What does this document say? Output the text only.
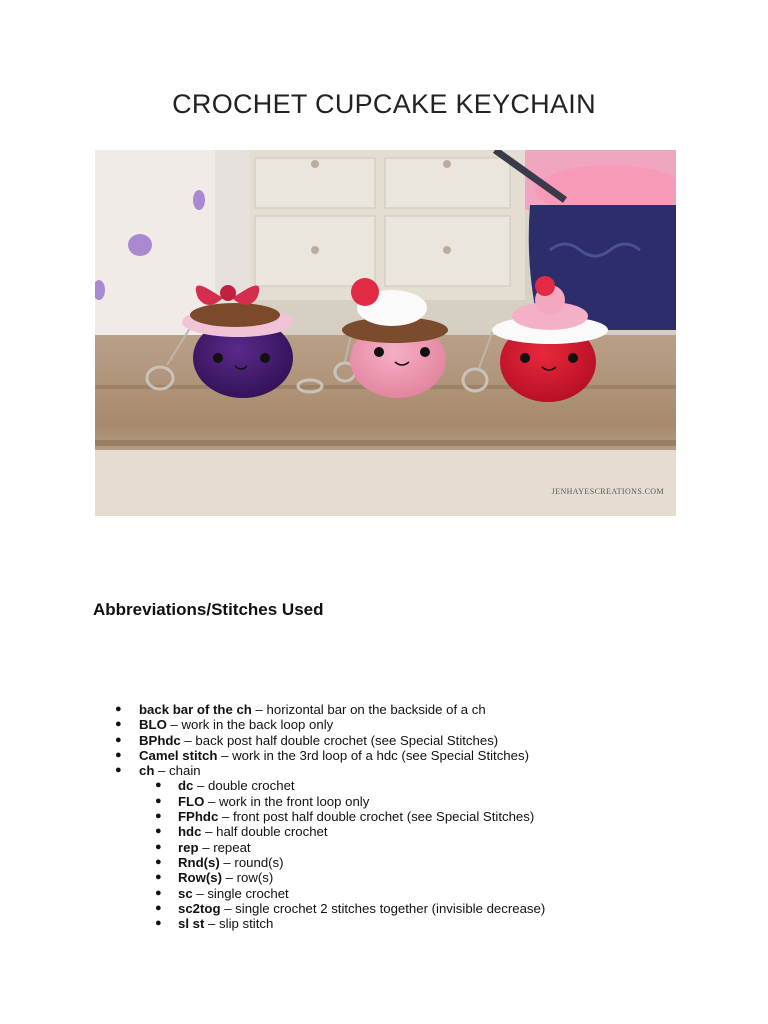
CROCHET CUPCAKE KEYCHAIN
JENHAYESCREATIONS.COM
Abbreviations/Stitches Used
● back bar of the ch – horizontal bar on the backside of a ch
● BLO – work in the back loop only
● BPhdc – back post half double crochet (see Special Stitches)
● Camel stitch – work in the 3rd loop of a hdc (see Special Stitches)
● ch – chain
● dc – double crochet
● FLO – work in the front loop only
● FPhdc – front post half double crochet (see Special Stitches)
● hdc – half double crochet
● rep – repeat
● Rnd(s) – round(s)
● Row(s) – row(s)
● sc – single crochet
● sc2tog – single crochet 2 stitches together (invisible decrease)
● sl st – slip stitch
